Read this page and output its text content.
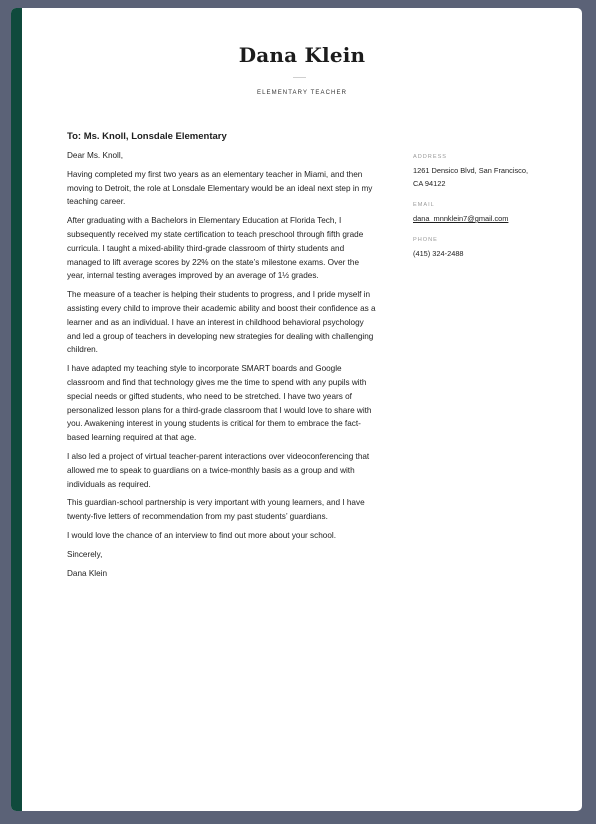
Dana Klein
ELEMENTARY TEACHER
To: Ms. Knoll, Lonsdale Elementary

Dear Ms. Knoll,

Having completed my first two years as an elementary teacher in Miami, and then moving to Detroit, the role at Lonsdale Elementary would be an ideal next step in my teaching career.

After graduating with a Bachelors in Elementary Education at Florida Tech, I subsequently received my state certification to teach preschool through fifth grade curricula. I taught a mixed-ability third-grade classroom of thirty students and managed to lift average scores by 22% on the state’s milestone exams. Over the year, internal testing averages improved by an average of 1½ grades.

The measure of a teacher is helping their students to progress, and I pride myself in assisting every child to improve their academic ability and boost their confidence as a learner and as an individual. I have an interest in childhood behavioral psychology and led a group of teachers in developing new strategies for dealing with challenging children.

I have adapted my teaching style to incorporate SMART boards and Google classroom and find that technology gives me the time to spend with any pupils with special needs or gifted students, who need to be stretched. I have two years of personalized lesson plans for a third-grade classroom that I would love to share with you. Awakening interest in young students is critical for them to embrace the fact-based learning required at that age.

I also led a project of virtual teacher-parent interactions over videoconferencing that allowed me to speak to guardians on a twice-monthly basis as a group and with individuals as required.

This guardian-school partnership is very important with young learners, and I have twenty-five letters of recommendation from my past students’ guardians.

I would love the chance of an interview to find out more about your school.

Sincerely,

Dana Klein

ADDRESS
1261 Densico Blvd, San Francisco,
CA 94122
EMAIL
dana_mnnklein7@gmail.com
PHONE
(415) 324-2488
